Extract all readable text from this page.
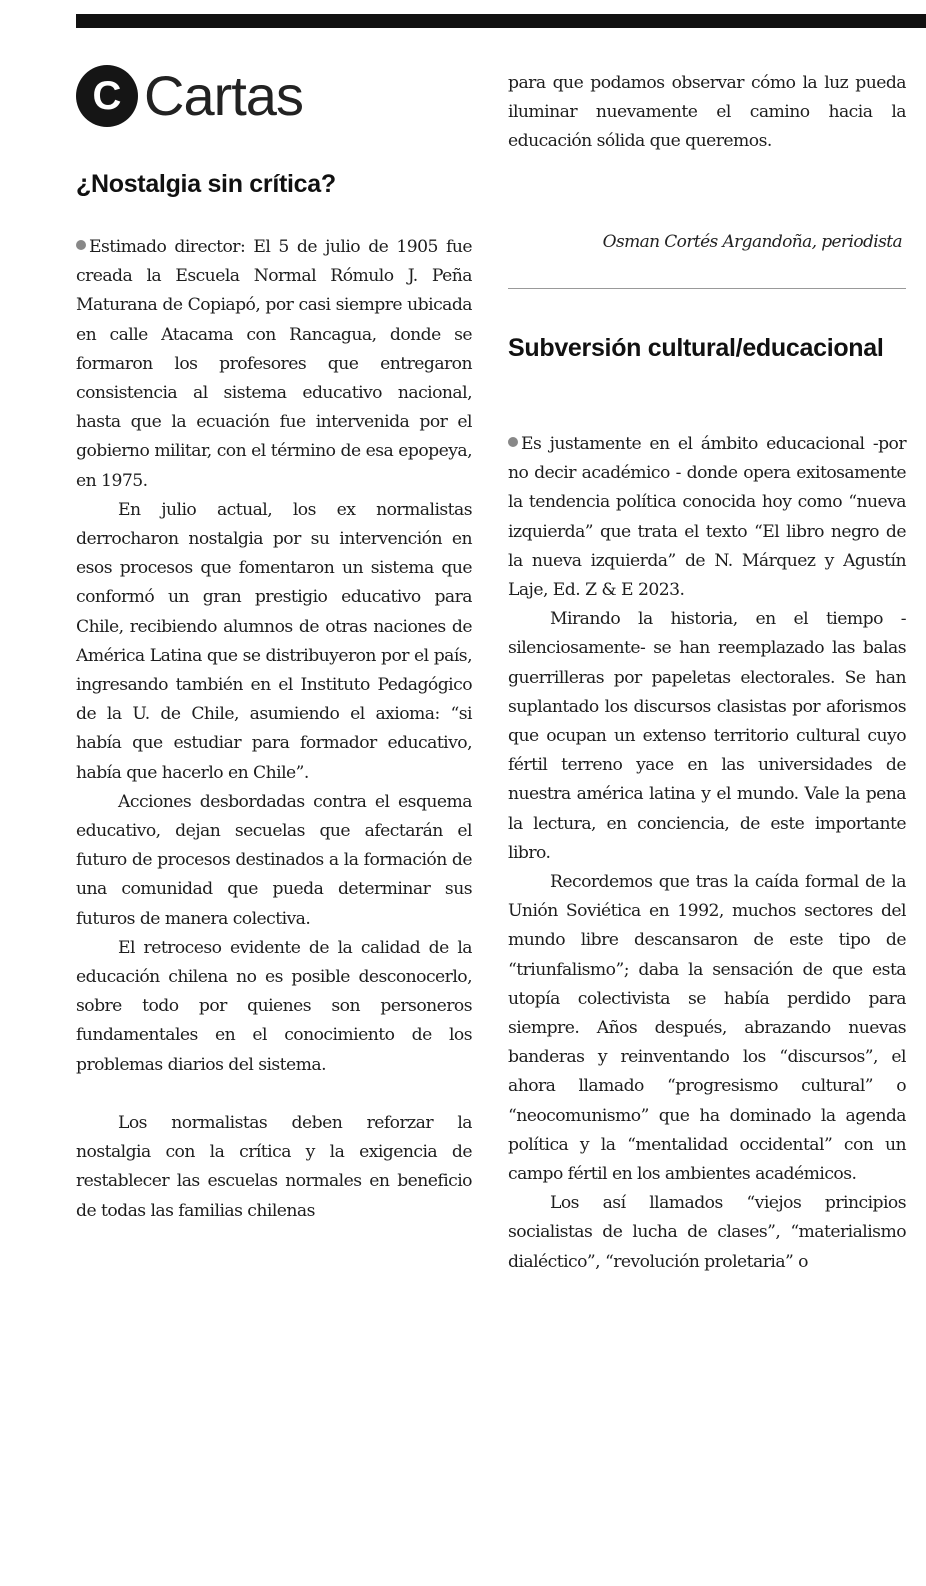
C Cartas
¿Nostalgia sin crítica?

Estimado director: El 5 de julio de 1905 fue creada la Escuela Normal Rómulo J. Peña Maturana de Copiapó, por casi siempre ubicada en calle Atacama con Rancagua, donde se formaron los profesores que entregaron consistencia al sistema educativo nacional, hasta que la ecuación fue intervenida por el gobierno militar, con el término de esa epopeya, en 1975.

En julio actual, los ex normalistas derrocharon nostalgia por su intervención en esos procesos que fomentaron un sistema que conformó un gran prestigio educativo para Chile, recibiendo alumnos de otras naciones de América Latina que se distribuyeron por el país, ingresando también en el Instituto Pedagógico de la U. de Chile, asumiendo el axioma: “si había que estudiar para formador educativo, había que hacerlo en Chile”.

Acciones desbordadas contra el esquema educativo, dejan secuelas que afectarán el futuro de procesos destinados a la formación de una comunidad que pueda determinar sus futuros de manera colectiva.

El retroceso evidente de la calidad de la educación chilena no es posible desconocerlo, sobre todo por quienes son personeros fundamentales en el conocimiento de los problemas diarios del sistema.

Los normalistas deben reforzar la nostalgia con la crítica y la exigencia de restablecer las escuelas normales en beneficio de todas las familias chilenas

para que podamos observar cómo la luz pueda iluminar nuevamente el camino hacia la educación sólida que queremos.

Osman Cortés Argandoña, periodista
Subversión cultural/educacional

Es justamente en el ámbito educacional -por no decir académico - donde opera exitosamente la tendencia política conocida hoy como “nueva izquierda” que trata el texto “El libro negro de la nueva izquierda” de N. Márquez y Agustín Laje, Ed. Z & E 2023.

Mirando la historia, en el tiempo -silenciosamente- se han reemplazado las balas guerrilleras por papeletas electorales. Se han suplantado los discursos clasistas por aforismos que ocupan un extenso territorio cultural cuyo fértil terreno yace en las universidades de nuestra américa latina y el mundo. Vale la pena la lectura, en conciencia, de este importante libro.

Recordemos que tras la caída formal de la Unión Soviética en 1992, muchos sectores del mundo libre descansaron de este tipo de “triunfalismo”; daba la sensación de que esta utopía colectivista se había perdido para siempre. Años después, abrazando nuevas banderas y reinventando los “discursos”, el ahora llamado “progresismo cultural” o “neocomunismo” que ha dominado la agenda política y la “mentalidad occidental” con un campo fértil en los ambientes académicos.

Los así llamados “viejos principios socialistas de lucha de clases”, “materialismo dialéctico”, “revolución proletaria” o
